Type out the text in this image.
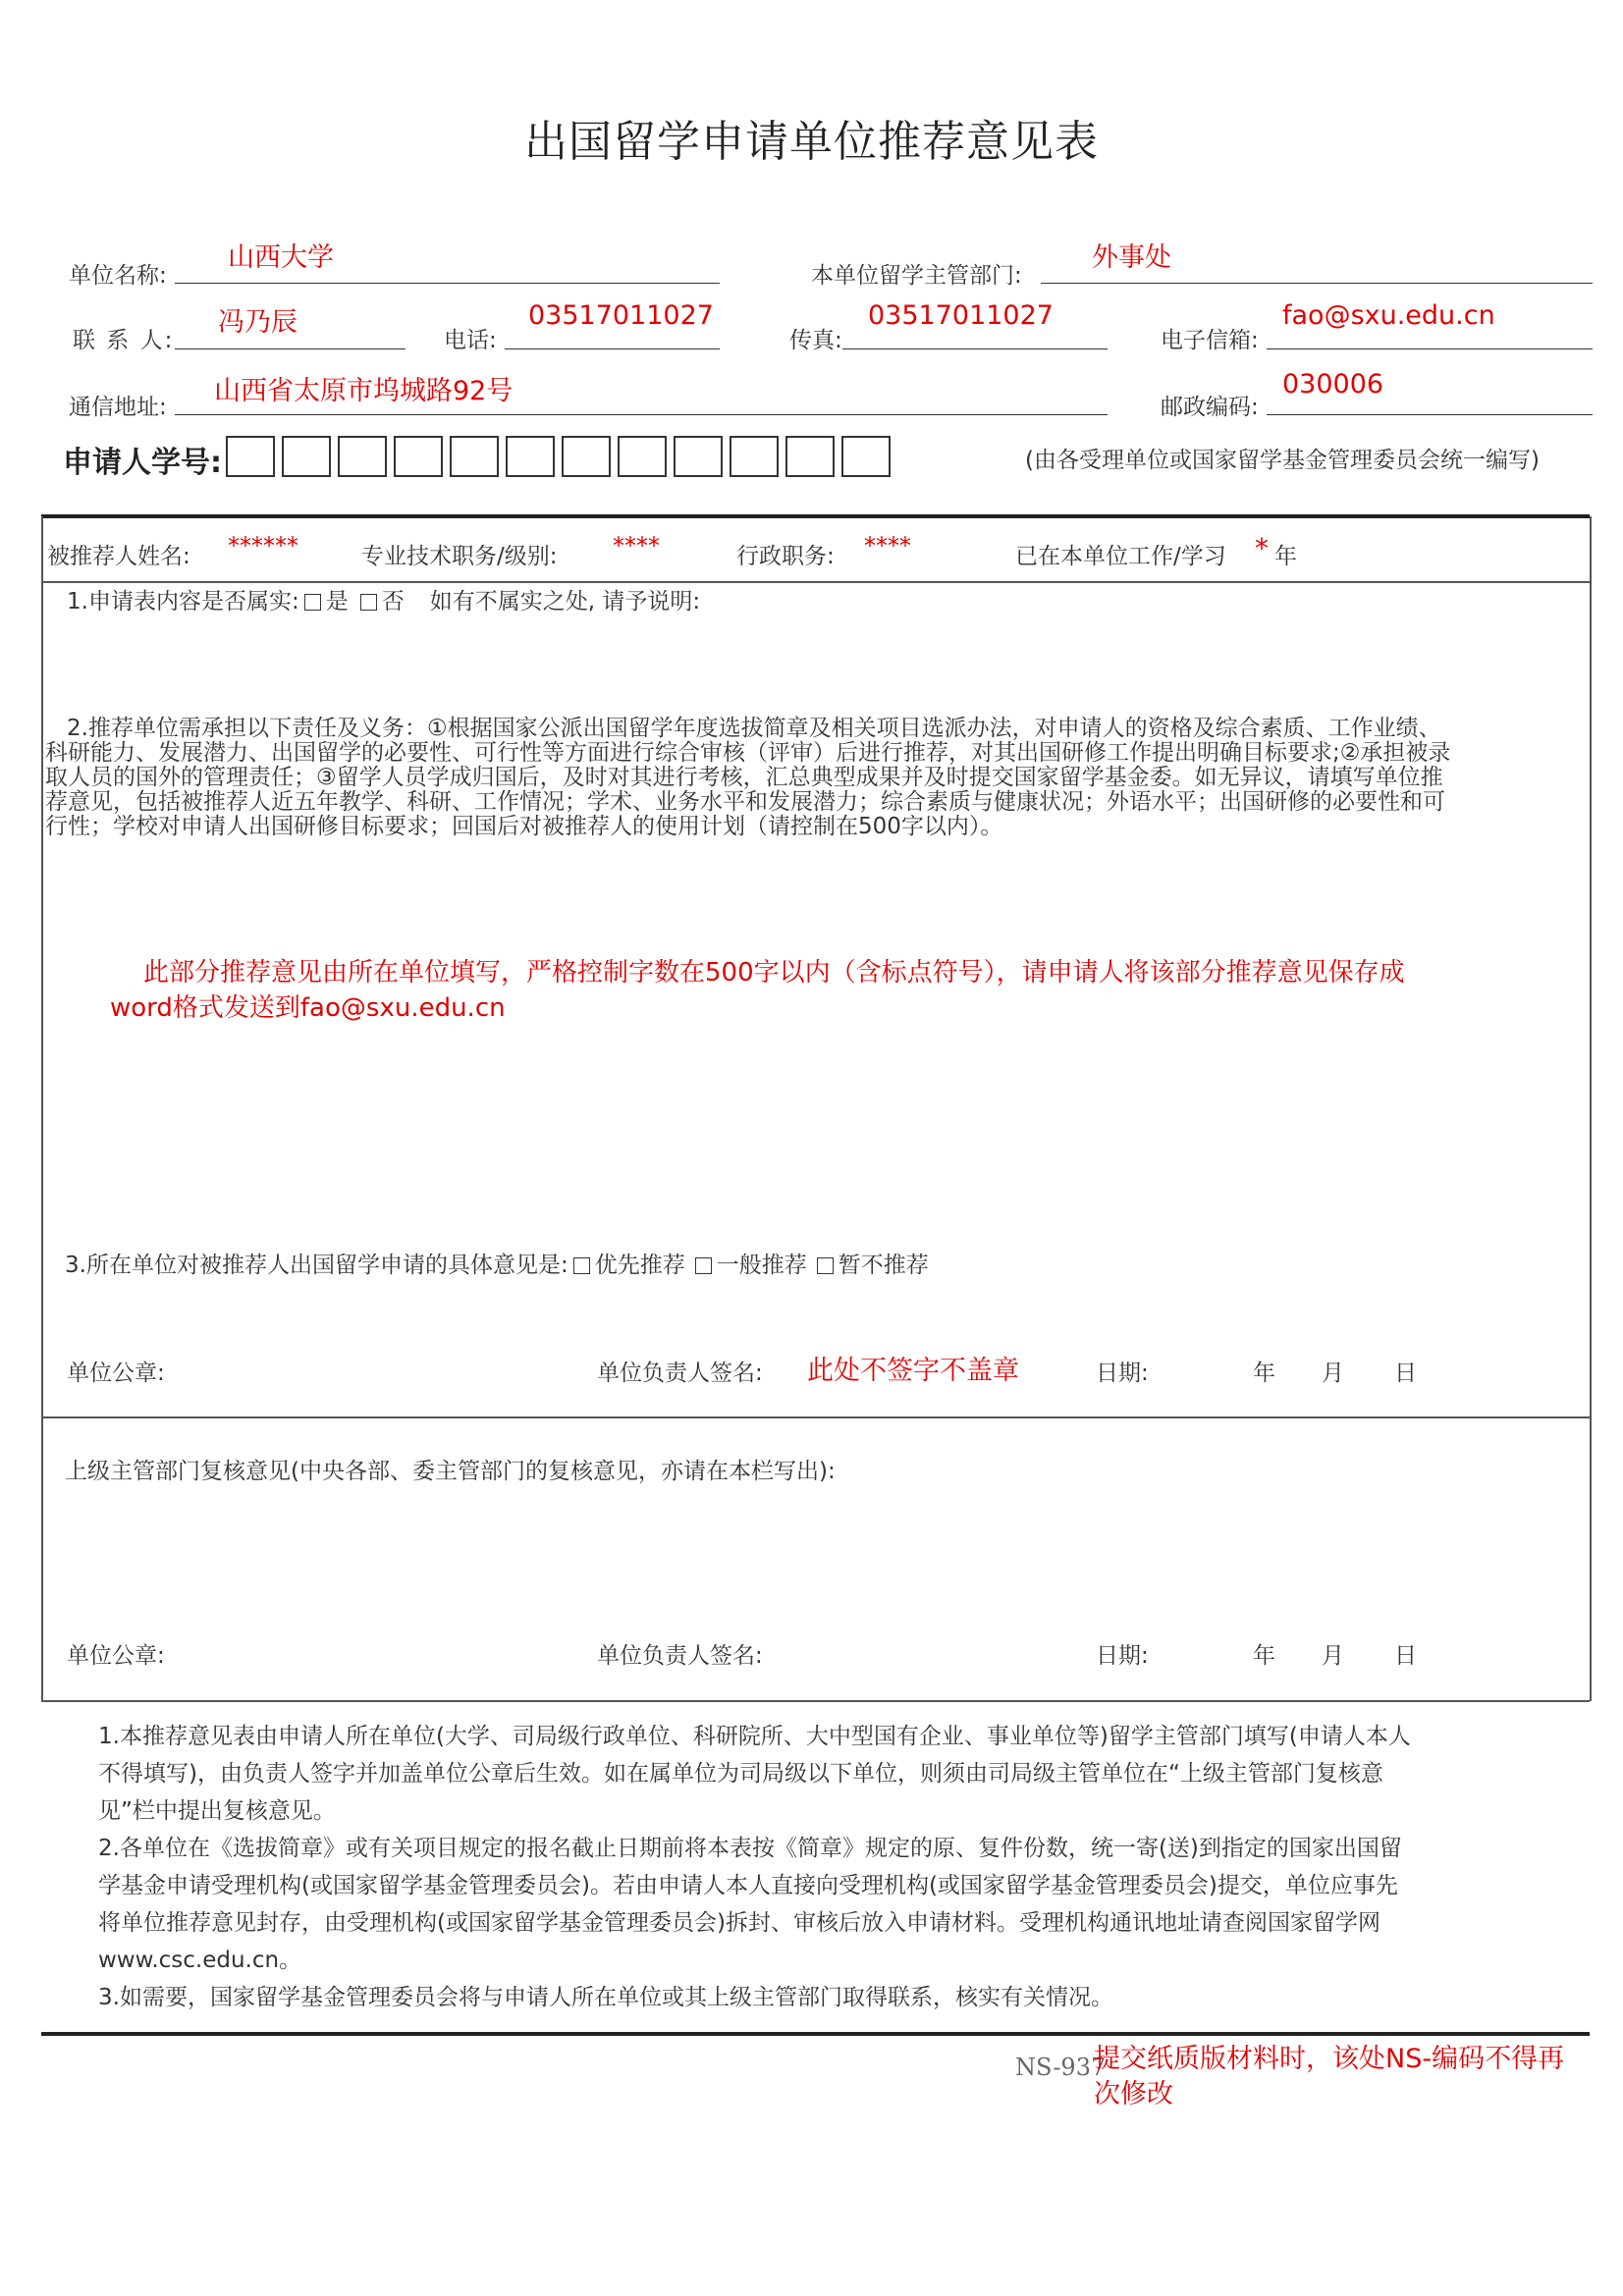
出国留学申请单位推荐意见表
单位名称:
山西大学
本单位留学主管部门:
外事处
联 系 人:
冯乃辰
电话:
03517011027
传真:
03517011027
电子信箱:
fao@sxu.edu.cn
通信地址:
山西省太原市坞城路92号
邮政编码:
030006
申请人学号:	(由各受理单位或国家留学基金管理委员会统一编写)
被推荐人姓名: ******	专业技术职务/级别: ****	行政职务: ****	已在本单位工作/学习 * 年
1.申请表内容是否属实: 是 否 如有不属实之处, 请予说明:
2.推荐单位需承担以下责任及义务：①根据国家公派出国留学年度选拔简章及相关项目选派办法，对申请人的资格及综合素质、工作业绩、
科研能力、发展潜力、出国留学的必要性、可行性等方面进行综合审核（评审）后进行推荐，对其出国研修工作提出明确目标要求;②承担被录
取人员的国外的管理责任；③留学人员学成归国后，及时对其进行考核，汇总典型成果并及时提交国家留学基金委。如无异议，请填写单位推
荐意见，包括被推荐人近五年教学、科研、工作情况；学术、业务水平和发展潜力；综合素质与健康状况；外语水平；出国研修的必要性和可
行性；学校对申请人出国研修目标要求；回国后对被推荐人的使用计划（请控制在500字以内）。
此部分推荐意见由所在单位填写，严格控制字数在500字以内（含标点符号），请申请人将该部分推荐意见保存成
word格式发送到fao@sxu.edu.cn
3.所在单位对被推荐人出国留学申请的具体意见是: 优先推荐 一般推荐 暂不推荐
单位公章:	单位负责人签名: 此处不签字不盖章	日期:	年 月 日
上级主管部门复核意见(中央各部、委主管部门的复核意见，亦请在本栏写出):
单位公章:	单位负责人签名:	日期:	年 月 日
1.本推荐意见表由申请人所在单位(大学、司局级行政单位、科研院所、大中型国有企业、事业单位等)留学主管部门填写(申请人本人
不得填写)，由负责人签字并加盖单位公章后生效。如在属单位为司局级以下单位，则须由司局级主管单位在“上级主管部门复核意
见”栏中提出复核意见。
2.各单位在《选拔简章》或有关项目规定的报名截止日期前将本表按《简章》规定的原、复件份数，统一寄(送)到指定的国家出国留
学基金申请受理机构(或国家留学基金管理委员会)。若由申请人本人直接向受理机构(或国家留学基金管理委员会)提交，单位应事先
将单位推荐意见封存，由受理机构(或国家留学基金管理委员会)拆封、审核后放入申请材料。受理机构通讯地址请查阅国家留学网
www.csc.edu.cn。
3.如需要，国家留学基金管理委员会将与申请人所在单位或其上级主管部门取得联系，核实有关情况。
NS-937
提交纸质版材料时，该处NS-编码不得再
次修改
